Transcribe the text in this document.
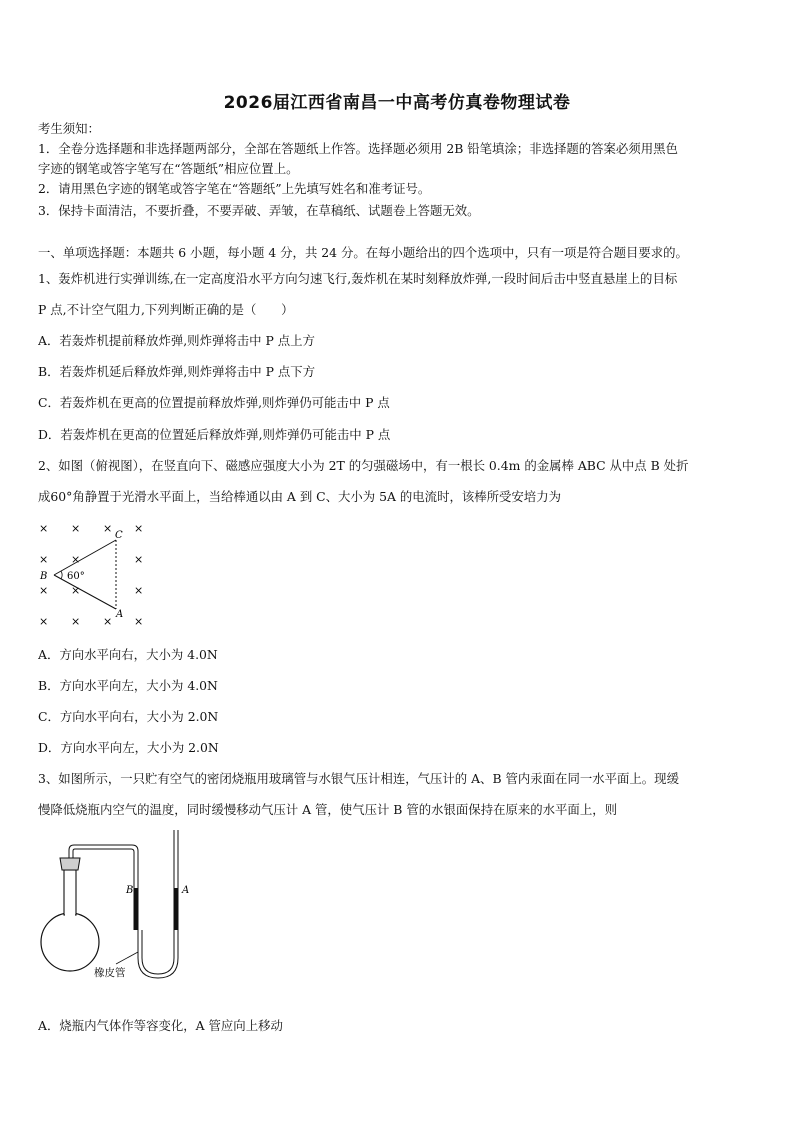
2026届江西省南昌一中高考仿真卷物理试卷
考生须知：
1．全卷分选择题和非选择题两部分，全部在答题纸上作答。选择题必须用 2B 铅笔填涂；非选择题的答案必须用黑色
字迹的钢笔或答字笔写在“答题纸”相应位置上。
2．请用黑色字迹的钢笔或答字笔在“答题纸”上先填写姓名和准考证号。
3．保持卡面清洁，不要折叠，不要弄破、弄皱，在草稿纸、试题卷上答题无效。
一、单项选择题：本题共 6 小题，每小题 4 分，共 24 分。在每小题给出的四个选项中，只有一项是符合题目要求的。
1、轰炸机进行实弹训练,在一定高度沿水平方向匀速飞行,轰炸机在某时刻释放炸弹,一段时间后击中竖直悬崖上的目标
P 点,不计空气阻力,下列判断正确的是（　　）
A．若轰炸机提前释放炸弹,则炸弹将击中 P 点上方
B．若轰炸机延后释放炸弹,则炸弹将击中 P 点下方
C．若轰炸机在更高的位置提前释放炸弹,则炸弹仍可能击中 P 点
D．若轰炸机在更高的位置延后释放炸弹,则炸弹仍可能击中 P 点
2、如图（俯视图），在竖直向下、磁感应强度大小为 2T 的匀强磁场中，有一根长 0.4m 的金属棒 ABC 从中点 B 处折
成60°角静置于光滑水平面上，当给棒通以由 A 到 C、大小为 5A 的电流时，该棒所受安培力为
× × × ×
× ×	×
× ×	×
× × × ×
B
C
A
60°
A．方向水平向右，大小为 4.0N
B．方向水平向左，大小为 4.0N
C．方向水平向右，大小为 2.0N
D．方向水平向左，大小为 2.0N
3、如图所示，一只贮有空气的密闭烧瓶用玻璃管与水银气压计相连，气压计的 A、B 管内汞面在同一水平面上。现缓
慢降低烧瓶内空气的温度，同时缓慢移动气压计 A 管，使气压计 B 管的水银面保持在原来的水平面上，则
B	A
橡皮管
A．烧瓶内气体作等容变化，A 管应向上移动
